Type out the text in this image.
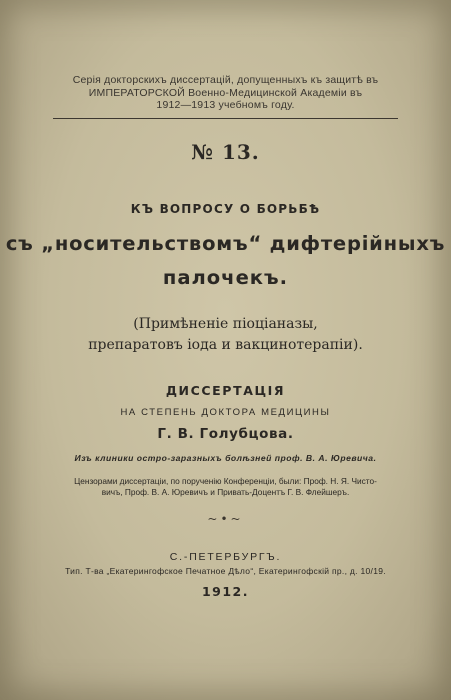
Серія докторскихъ диссертацій, допущенныхъ къ защитѣ въ
ИМПЕРАТОРСКОЙ Военно-Медицинской Академіи въ
1912—1913 учебномъ году.
№ 13.
КЪ ВОПРОСУ О БОРЬБѢ
съ „носительствомъ“ дифтерійныхъ
палочекъ.
(Примѣненіе піоціаназы,
препаратовъ іода и вакцинотерапіи).
ДИССЕРТАЦІЯ
НА СТЕПЕНЬ ДОКТОРА МЕДИЦИНЫ
Г. В. Голубцова.
Изъ клиники остро-заразныхъ болѣзней проф. В. А. Юревича.
Цензорами диссертаціи, по порученію Конференціи, были: Проф. Н. Я. Чисто-
вичъ, Проф. В. А. Юревичъ и Привать-Доцентъ Г. В. Флейшеръ.
~•~
С.-ПЕТЕРБУРГЪ.
Тип. Т-ва „Екатерингофское Печатное Дѣло“, Екатерингофскій пр., д. 10/19.
1912.
